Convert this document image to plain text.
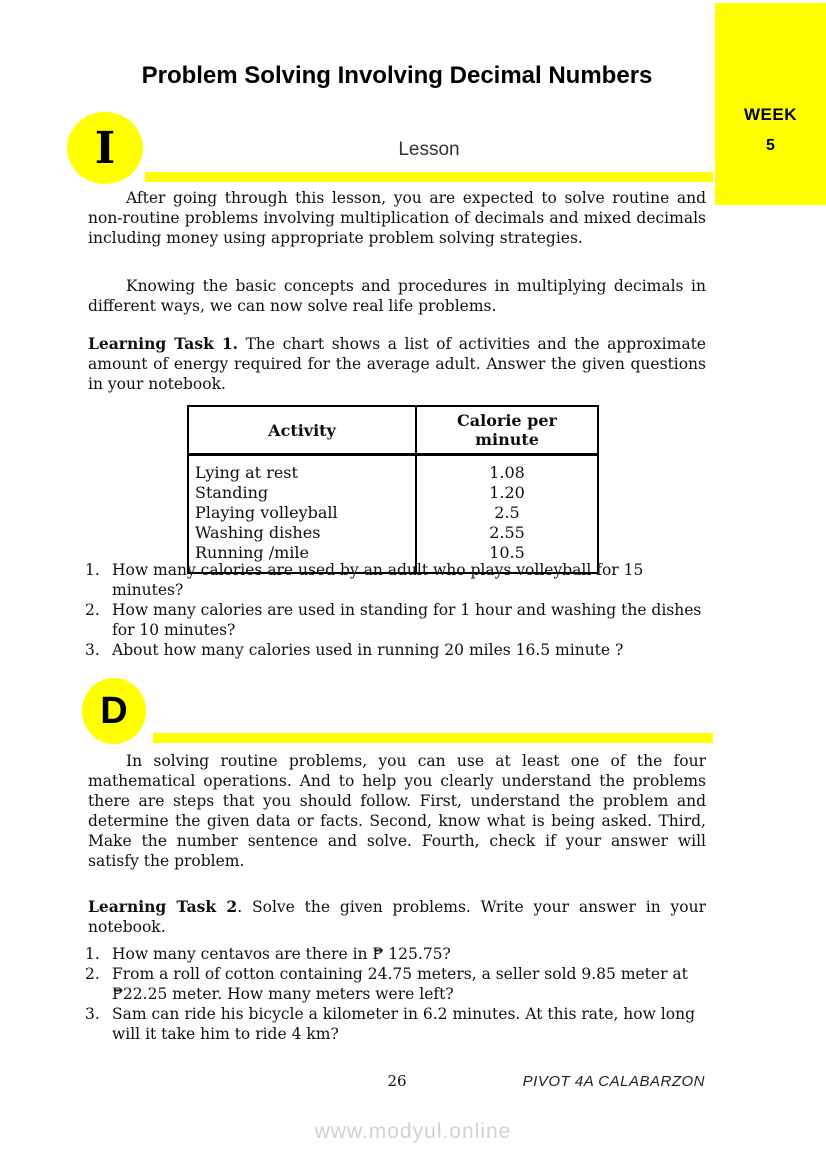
WEEK
5
Problem Solving Involving Decimal Numbers
I	Lesson
After going through this lesson, you are expected to solve routine and non-routine problems involving multiplication of decimals and mixed decimals including money using appropriate problem solving strategies.
Knowing the basic concepts and procedures in multiplying decimals in different ways, we can now solve real life problems.
Learning Task 1. The chart shows a list of activities and the approximate amount of energy required for the average adult. Answer the given questions in your notebook.
Activity	Calorie per minute
Lying at rest	1.08
Standing	1.20
Playing volleyball	2.5
Washing dishes	2.55
Running /mile	10.5
1. How many calories are used by an adult who plays volleyball for 15 minutes?
2. How many calories are used in standing for 1 hour and washing the dishes for 10 minutes?
3. About how many calories used in running 20 miles 16.5 minute ?
D
In solving routine problems, you can use at least one of the four mathematical operations. And to help you clearly understand the problems there are steps that you should follow. First, understand the problem and determine the given data or facts. Second, know what is being asked. Third, Make the number sentence and solve. Fourth, check if your answer will satisfy the problem.
Learning Task 2. Solve the given problems. Write your answer in your notebook.
1. How many centavos are there in ₱ 125.75?
2. From a roll of cotton containing 24.75 meters, a seller sold 9.85 meter at ₱22.25 meter. How many meters were left?
3. Sam can ride his bicycle a kilometer in 6.2 minutes. At this rate, how long will it take him to ride 4 km?
26	PIVOT 4A CALABARZON
www.modyul.online
